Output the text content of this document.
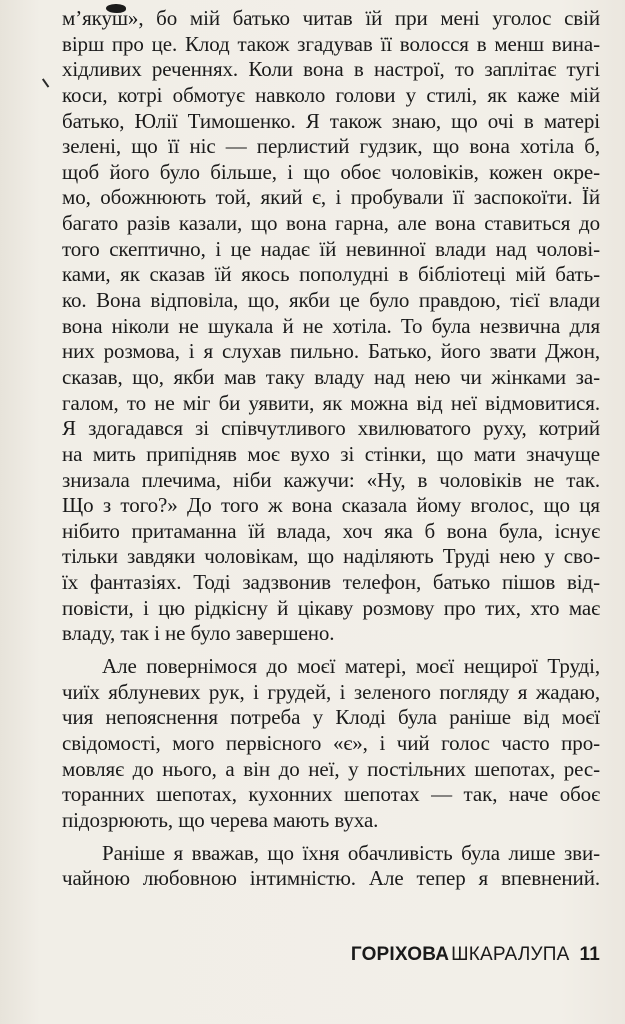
м’якуш», бо мій батько читав їй при мені уголос свій
вірш про це. Клод також згадував її волосся в менш вина-
хідливих реченнях. Коли вона в настрої, то заплітає тугі
коси, котрі обмотує навколо голови у стилі, як каже мій
батько, Юлії Тимошенко. Я також знаю, що очі в матері
зелені, що її ніс — перлистий гудзик, що вона хотіла б,
щоб його було більше, і що обоє чоловіків, кожен окре-
мо, обожнюють той, який є, і пробували її заспокоїти. Їй
багато разів казали, що вона гарна, але вона ставиться до
того скептично, і це надає їй невинної влади над чолові-
ками, як сказав їй якось пополудні в бібліотеці мій бать-
ко. Вона відповіла, що, якби це було правдою, тієї влади
вона ніколи не шукала й не хотіла. То була незвична для
них розмова, і я слухав пильно. Батько, його звати Джон,
сказав, що, якби мав таку владу над нею чи жінками за-
галом, то не міг би уявити, як можна від неї відмовитися.
Я здогадався зі співчутливого хвилюватого руху, котрий
на мить припідняв моє вухо зі стінки, що мати значуще
знизала плечима, ніби кажучи: «Ну, в чоловіків не так.
Що з того?» До того ж вона сказала йому вголос, що ця
нібито притаманна їй влада, хоч яка б вона була, існує
тільки завдяки чоловікам, що наділяють Труді нею у сво-
їх фантазіях. Тоді задзвонив телефон, батько пішов від-
повісти, і цю рідкісну й цікаву розмову про тих, хто має
владу, так і не було завершено.
Але повернімося до моєї матері, моєї нещирої Труді,
чиїх яблуневих рук, і грудей, і зеленого погляду я жадаю,
чия непояснення потреба у Клоді була раніше від моєї
свідомості, мого первісного «є», і чий голос часто про-
мовляє до нього, а він до неї, у постільних шепотах, рес-
торанних шепотах, кухонних шепотах — так, наче обоє
підозрюють, що черева мають вуха.
Раніше я вважав, що їхня обачливість була лише зви-
чайною любовною інтимністю. Але тепер я впевнений.
ГОРІХОВА ШКАРАЛУПА 11
